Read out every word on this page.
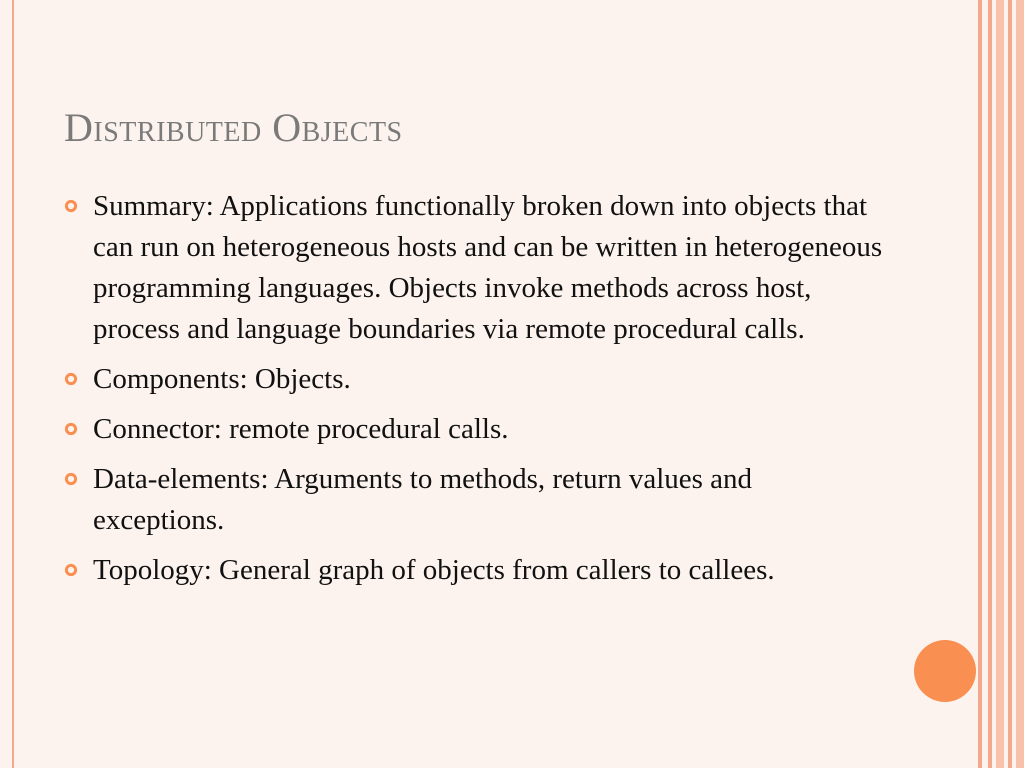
Distributed Objects
Summary: Applications functionally broken down into objects that can run on heterogeneous hosts and can be written in heterogeneous programming languages. Objects invoke methods across host, process and language boundaries via remote procedural calls.
Components: Objects.
Connector: remote procedural calls.
Data-elements: Arguments to methods, return values and exceptions.
Topology: General graph of objects from callers to callees.
